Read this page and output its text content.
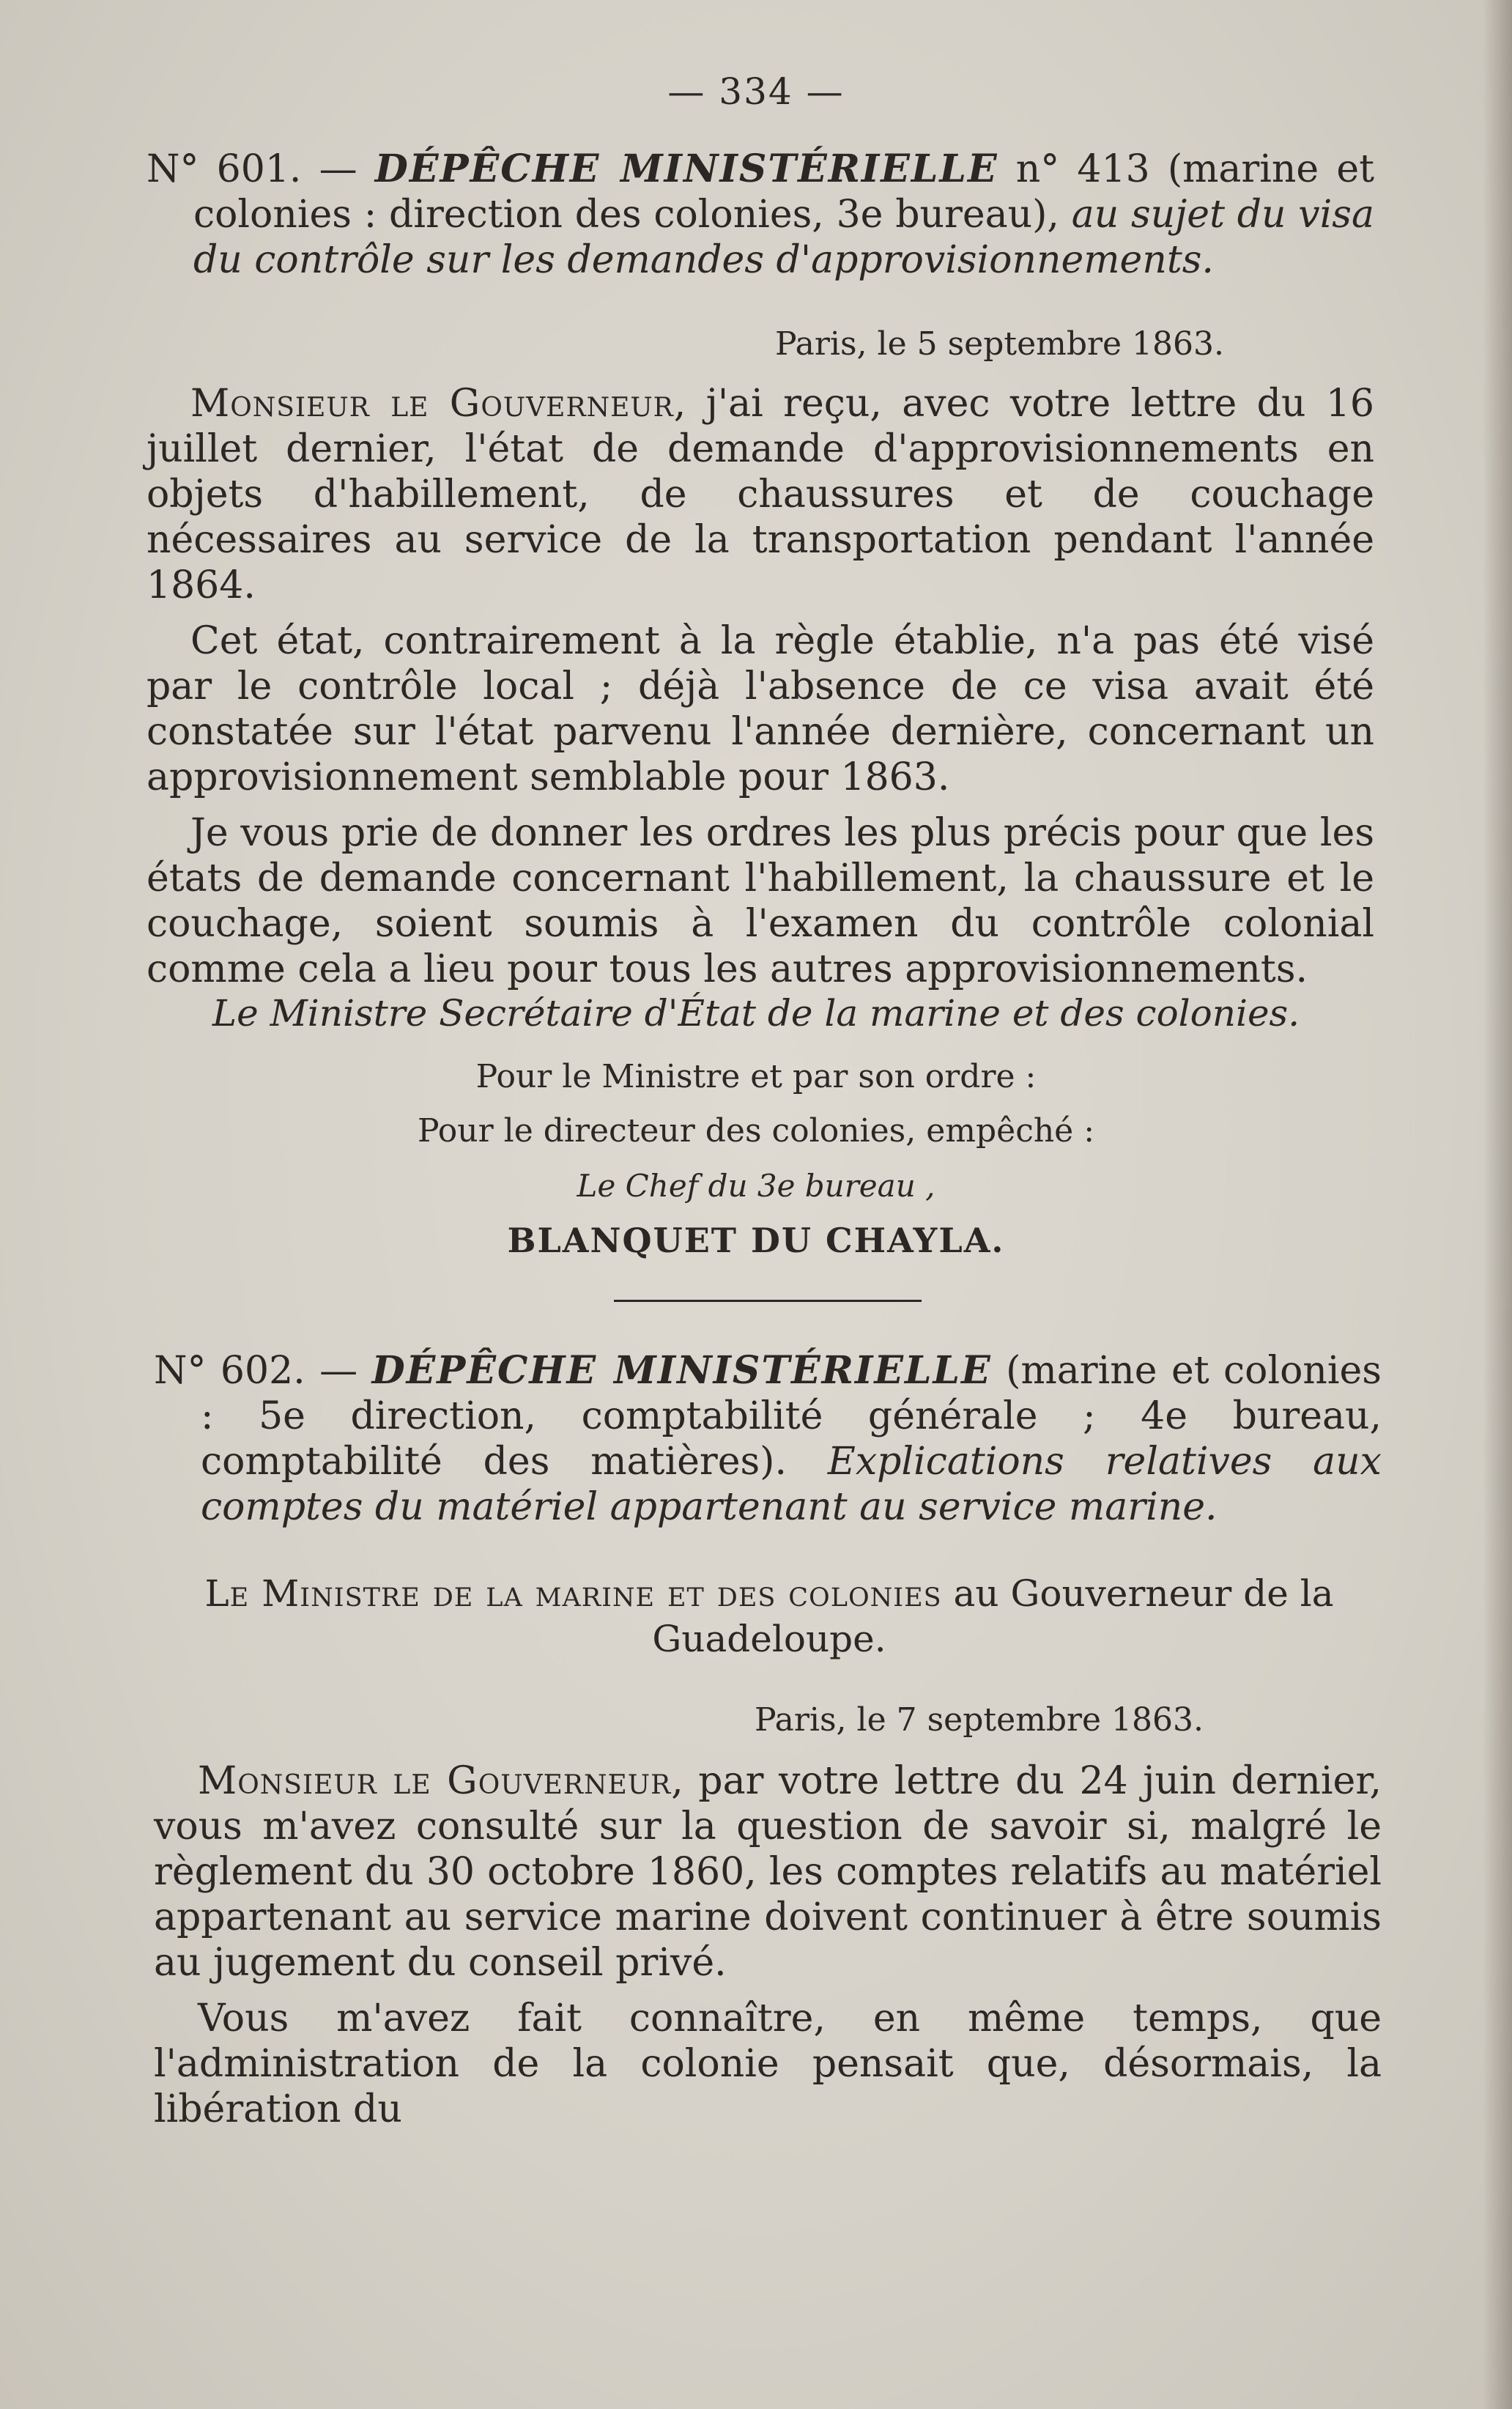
— 334 —

N° 601. — DÉPÊCHE MINISTÉRIELLE n° 413 (marine et colonies : direction des colonies, 3e bureau), au sujet du visa du contrôle sur les demandes d'approvisionnements.

Paris, le 5 septembre 1863.

Monsieur le Gouverneur, j'ai reçu, avec votre lettre du 16 juillet dernier, l'état de demande d'approvisionnements en objets d'habillement, de chaussures et de couchage nécessaires au service de la transportation pendant l'année 1864.

Cet état, contrairement à la règle établie, n'a pas été visé par le contrôle local ; déjà l'absence de ce visa avait été constatée sur l'état parvenu l'année dernière, concernant un approvisionnement semblable pour 1863.

Je vous prie de donner les ordres les plus précis pour que les états de demande concernant l'habillement, la chaussure et le couchage, soient soumis à l'examen du contrôle colonial comme cela a lieu pour tous les autres approvisionnements.

Le Ministre Secrétaire d'État de la marine et des colonies.
Pour le Ministre et par son ordre :
Pour le directeur des colonies, empêché :
Le Chef du 3e bureau ,
BLANQUET DU CHAYLA.

N° 602. — DÉPÊCHE MINISTÉRIELLE (marine et colonies : 5e direction, comptabilité générale ; 4e bureau, comptabilité des matières). Explications relatives aux comptes du matériel appartenant au service marine.

Le Ministre de la marine et des colonies au Gouverneur de la Guadeloupe.
Paris, le 7 septembre 1863.

Monsieur le Gouverneur, par votre lettre du 24 juin dernier, vous m'avez consulté sur la question de savoir si, malgré le règlement du 30 octobre 1860, les comptes relatifs au matériel appartenant au service marine doivent continuer à être soumis au jugement du conseil privé.

Vous m'avez fait connaître, en même temps, que l'administration de la colonie pensait que, désormais, la libération du
